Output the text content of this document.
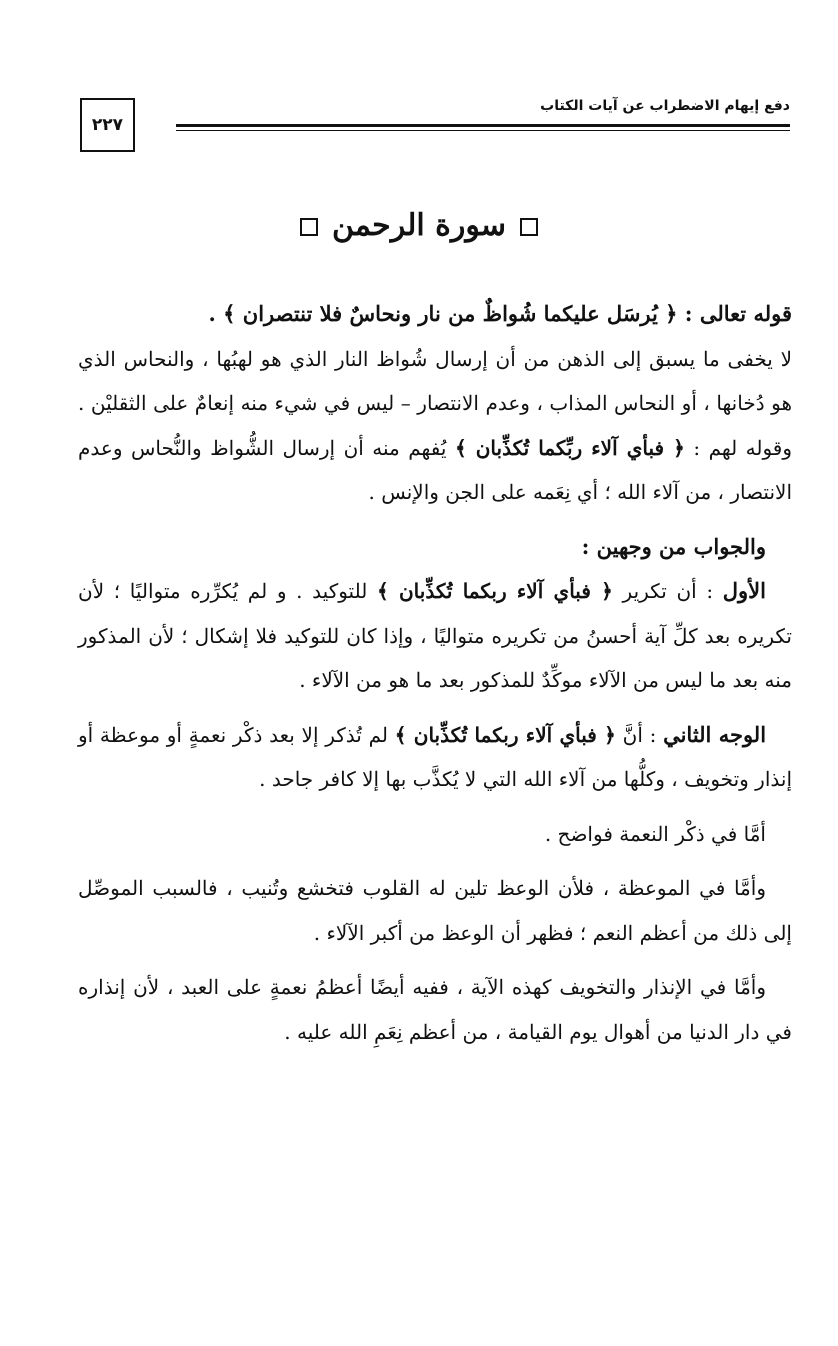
٢٢٧
دفع إيهام الاضطراب عن آيات الكتاب
سورة الرحمن

قوله تعالى : ﴿ يُرسَل عليكما شُواظٌ من نار ونحاسٌ فلا تنتصران ﴾ .

لا يخفى ما يسبق إلى الذهن من أن إرسال شُواظ النار الذي هو لهبُها ، والنحاس الذي هو دُخانها ، أو النحاس المذاب ، وعدم الانتصار – ليس في شيء منه إنعامٌ على الثقليْن . وقوله لهم : ﴿ فبأي آلاء ربِّكما تُكذِّبان ﴾ يُفهم منه أن إرسال الشُّواظ والنُّحاس وعدم الانتصار ، من آلاء الله ؛ أي نِعَمه على الجن والإنس .

والجواب من وجهين :

الأول : أن تكرير ﴿ فبأي آلاء ربكما تُكذِّبان ﴾ للتوكيد . و لم يُكرِّره متواليًا ؛ لأن تكريره بعد كلِّ آية أحسنُ من تكريره متواليًا ، وإذا كان للتوكيد فلا إشكال ؛ لأن المذكور منه بعد ما ليس من الآلاء موكِّدٌ للمذكور بعد ما هو من الآلاء .

الوجه الثاني : أنَّ ﴿ فبأي آلاء ربكما تُكذِّبان ﴾ لم تُذكر إلا بعد ذكْر نعمةٍ أو موعظة أو إنذار وتخويف ، وكلُّها من آلاء الله التي لا يُكذَّب بها إلا كافر جاحد .

أمَّا في ذكْر النعمة فواضح .

وأمَّا في الموعظة ، فلأن الوعظ تلين له القلوب فتخشع وتُنيب ، فالسبب الموصِّل إلى ذلك من أعظم النعم ؛ فظهر أن الوعظ من أكبر الآلاء .

وأمَّا في الإنذار والتخويف كهذه الآية ، ففيه أيضًا أعظمُ نعمةٍ على العبد ، لأن إنذاره في دار الدنيا من أهوال يوم القيامة ، من أعظم نِعَمِ الله عليه .
